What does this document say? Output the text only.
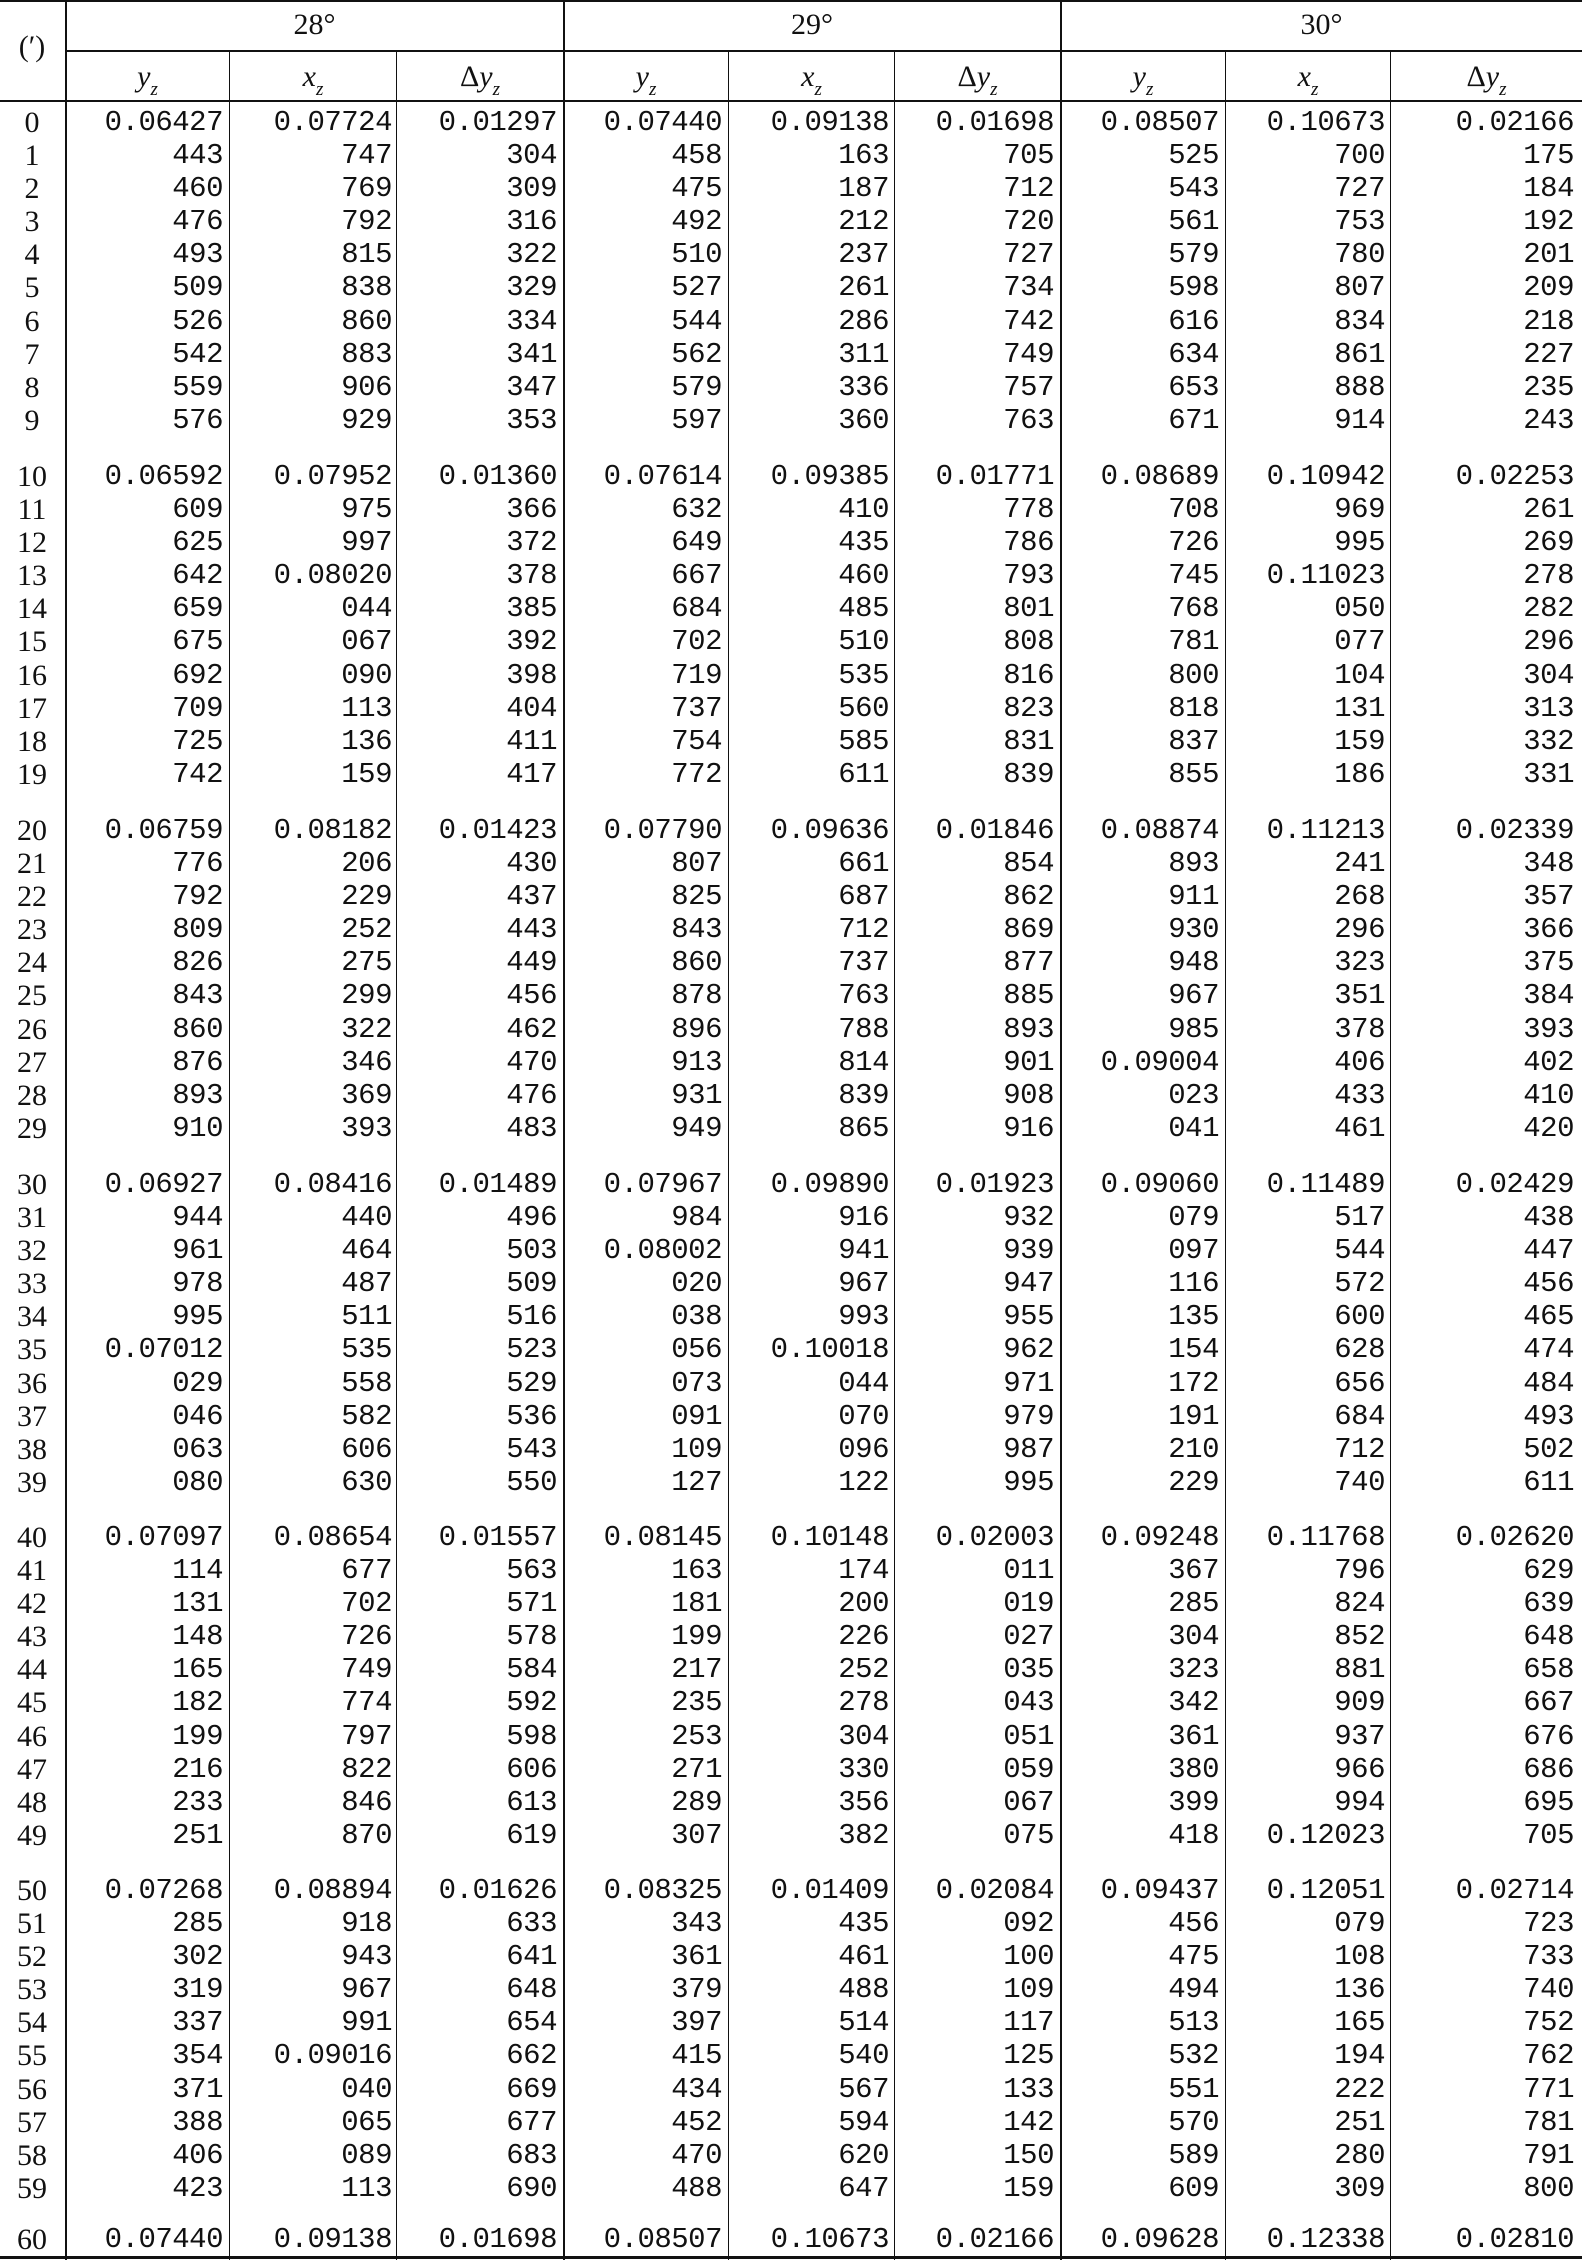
(′)
28°	29°	30°
$y_z$	$x_z$	$\Delta y_z$	$y_z$	$x_z$	$\Delta y_z$	$y_z$	$x_z$	$\Delta y_z$
0	0.06427	0.07724	0.01297	0.07440	0.09138	0.01698	0.08507	0.10673	0.02166
1	443	747	304	458	163	705	525	700	175
2	460	769	309	475	187	712	543	727	184
3	476	792	316	492	212	720	561	753	192
4	493	815	322	510	237	727	579	780	201
5	509	838	329	527	261	734	598	807	209
6	526	860	334	544	286	742	616	834	218
7	542	883	341	562	311	749	634	861	227
8	559	906	347	579	336	757	653	888	235
9	576	929	353	597	360	763	671	914	243
10	0.06592	0.07952	0.01360	0.07614	0.09385	0.01771	0.08689	0.10942	0.02253
11	609	975	366	632	410	778	708	969	261
12	625	997	372	649	435	786	726	995	269
13	642	0.08020	378	667	460	793	745	0.11023	278
14	659	044	385	684	485	801	768	050	282
15	675	067	392	702	510	808	781	077	296
16	692	090	398	719	535	816	800	104	304
17	709	113	404	737	560	823	818	131	313
18	725	136	411	754	585	831	837	159	332
19	742	159	417	772	611	839	855	186	331
20	0.06759	0.08182	0.01423	0.07790	0.09636	0.01846	0.08874	0.11213	0.02339
21	776	206	430	807	661	854	893	241	348
22	792	229	437	825	687	862	911	268	357
23	809	252	443	843	712	869	930	296	366
24	826	275	449	860	737	877	948	323	375
25	843	299	456	878	763	885	967	351	384
26	860	322	462	896	788	893	985	378	393
27	876	346	470	913	814	901	0.09004	406	402
28	893	369	476	931	839	908	023	433	410
29	910	393	483	949	865	916	041	461	420
30	0.06927	0.08416	0.01489	0.07967	0.09890	0.01923	0.09060	0.11489	0.02429
31	944	440	496	984	916	932	079	517	438
32	961	464	503	0.08002	941	939	097	544	447
33	978	487	509	020	967	947	116	572	456
34	995	511	516	038	993	955	135	600	465
35	0.07012	535	523	056	0.10018	962	154	628	474
36	029	558	529	073	044	971	172	656	484
37	046	582	536	091	070	979	191	684	493
38	063	606	543	109	096	987	210	712	502
39	080	630	550	127	122	995	229	740	611
40	0.07097	0.08654	0.01557	0.08145	0.10148	0.02003	0.09248	0.11768	0.02620
41	114	677	563	163	174	011	367	796	629
42	131	702	571	181	200	019	285	824	639
43	148	726	578	199	226	027	304	852	648
44	165	749	584	217	252	035	323	881	658
45	182	774	592	235	278	043	342	909	667
46	199	797	598	253	304	051	361	937	676
47	216	822	606	271	330	059	380	966	686
48	233	846	613	289	356	067	399	994	695
49	251	870	619	307	382	075	418	0.12023	705
50	0.07268	0.08894	0.01626	0.08325	0.01409	0.02084	0.09437	0.12051	0.02714
51	285	918	633	343	435	092	456	079	723
52	302	943	641	361	461	100	475	108	733
53	319	967	648	379	488	109	494	136	740
54	337	991	654	397	514	117	513	165	752
55	354	0.09016	662	415	540	125	532	194	762
56	371	040	669	434	567	133	551	222	771
57	388	065	677	452	594	142	570	251	781
58	406	089	683	470	620	150	589	280	791
59	423	113	690	488	647	159	609	309	800
60	0.07440	0.09138	0.01698	0.08507	0.10673	0.02166	0.09628	0.12338	0.02810
